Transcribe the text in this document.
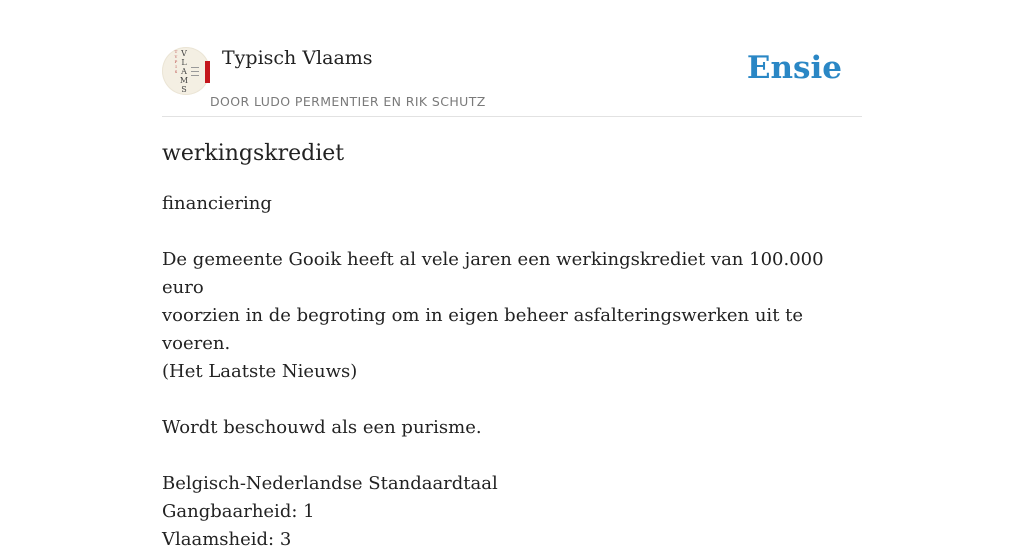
T
Y
P
I
S
V
L
A
M
S
Typisch Vlaams
DOOR LUDO PERMENTIER EN RIK SCHUTZ
Ensie
werkingskrediet

financiering

De gemeente Gooik heeft al vele jaren een werkingskrediet van 100.000 euro

voorzien in de begroting om in eigen beheer asfalteringswerken uit te voeren.

(Het Laatste Nieuws)

Wordt beschouwd als een purisme.

Belgisch-Nederlandse Standaardtaal

Gangbaarheid: 1

Vlaamsheid: 3
